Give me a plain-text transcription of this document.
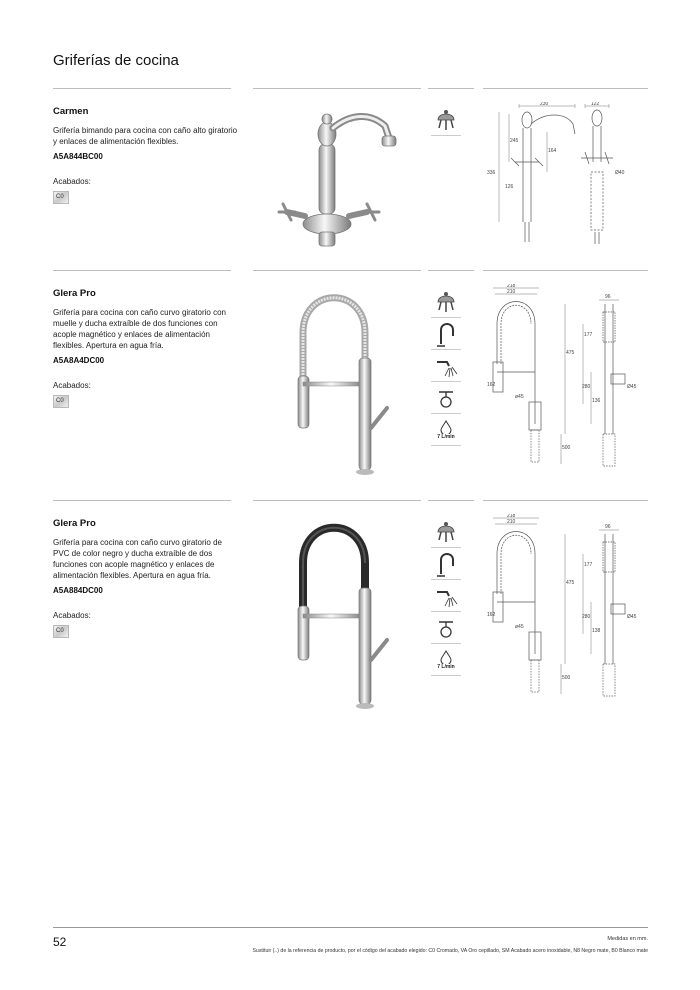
Griferías de cocina
Carmen
Grifería bimando para cocina con caño alto giratorio y enlaces de alimentación flexibles.
A5A844BC00
Acabados:
C0
230	122
245
164
336
126
Ø40
Glera Pro
Grifería para cocina con caño curvo giratorio con muelle y ducha extraíble de dos funciones con acople magnético y enlaces de alimentación flexibles. Apertura en agua fría.
A5A8A4DC00
Acabados:
C0
7 L/min
218
210
96
177
475
162	280
136
ø45
Ø45
500
Glera Pro
Grifería para cocina con caño curvo giratorio de PVC de color negro y ducha extraíble de dos funciones con acople magnético y enlaces de alimentación flexibles. Apertura en agua fría.
A5A884DC00
Acabados:
C0
7 L/min
218
210
96
177
475
162	280
138
ø45
Ø45
500
52	Medidas en mm.
Sustituir (..) de la referencia de producto, por el código del acabado elegido: C0 Cromado, VA Oro cepillado, SM Acabado acero inoxidable, N8 Negro mate, B0 Blanco mate
